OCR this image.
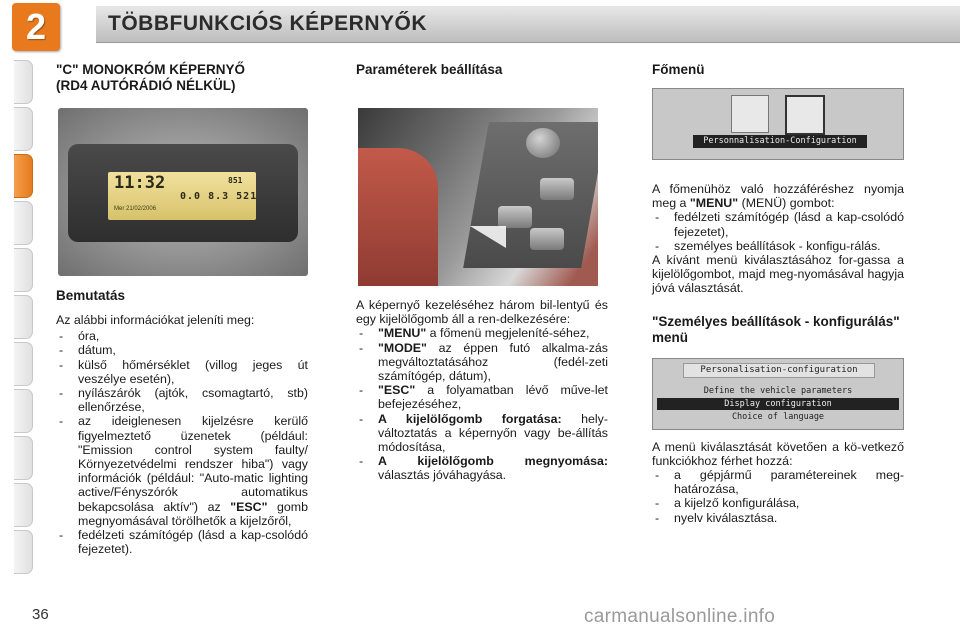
TÖBBFUNKCIÓS KÉPERNYŐK
2
"C" MONOKRÓM KÉPERNYŐ
(RD4 AUTÓRÁDIÓ NÉLKÜL)
11:32
Mer 21/02/2006
0.0 8.3 521
851
Bemutatás

Az alábbi információkat jeleníti meg:

- óra,
- dátum,
- külső hőmérséklet (villog jeges út veszélye esetén),
- nyílászárók (ajtók, csomagtartó, stb) ellenőrzése,
- az ideiglenesen kijelzésre kerülő figyelmeztető üzenetek (például: "Emission control system faulty/ Környezetvédelmi rendszer hiba") vagy információk (például: "Auto-matic lighting active/Fényszórók automatikus bekapcsolása aktív") az "ESC" gomb megnyomásával törölhetők a kijelzőről,
- fedélzeti számítógép (lásd a kap-csolódó fejezetet).
Paraméterek beállítása

A képernyő kezeléséhez három bil-lentyű és egy kijelölőgomb áll a ren-delkezésére:

- "MENU" a főmenü megjeleníté-séhez,
- "MODE" az éppen futó alkalma-zás megváltoztatásához (fedél-zeti számítógép, dátum),
- "ESC" a folyamatban lévő műve-let befejezéséhez,
- A kijelölőgomb forgatása: hely-változtatás a képernyőn vagy be-állítás módosítása,
- A kijelölőgomb megnyomása: választás jóváhagyása.
Főmenü
Personnalisation-Configuration

A főmenühöz való hozzáféréshez nyomja meg a "MENU" (MENÜ) gombot:

- fedélzeti számítógép (lásd a kap-csolódó fejezetet),
- személyes beállítások - konfigu-rálás.

A kívánt menü kiválasztásához for-gassa a kijelölőgombot, majd meg-nyomásával hagyja jóvá választását.

"Személyes beállítások - konfigurálás" menü
Personalisation-configuration
Define the vehicle parameters
Display configuration
Choice of language

A menü kiválasztását követően a kö-vetkező funkciókhoz férhet hozzá:

- a gépjármű paramétereinek meg-határozása,
- a kijelző konfigurálása,
- nyelv kiválasztása.
36	carmanualsonline.info
